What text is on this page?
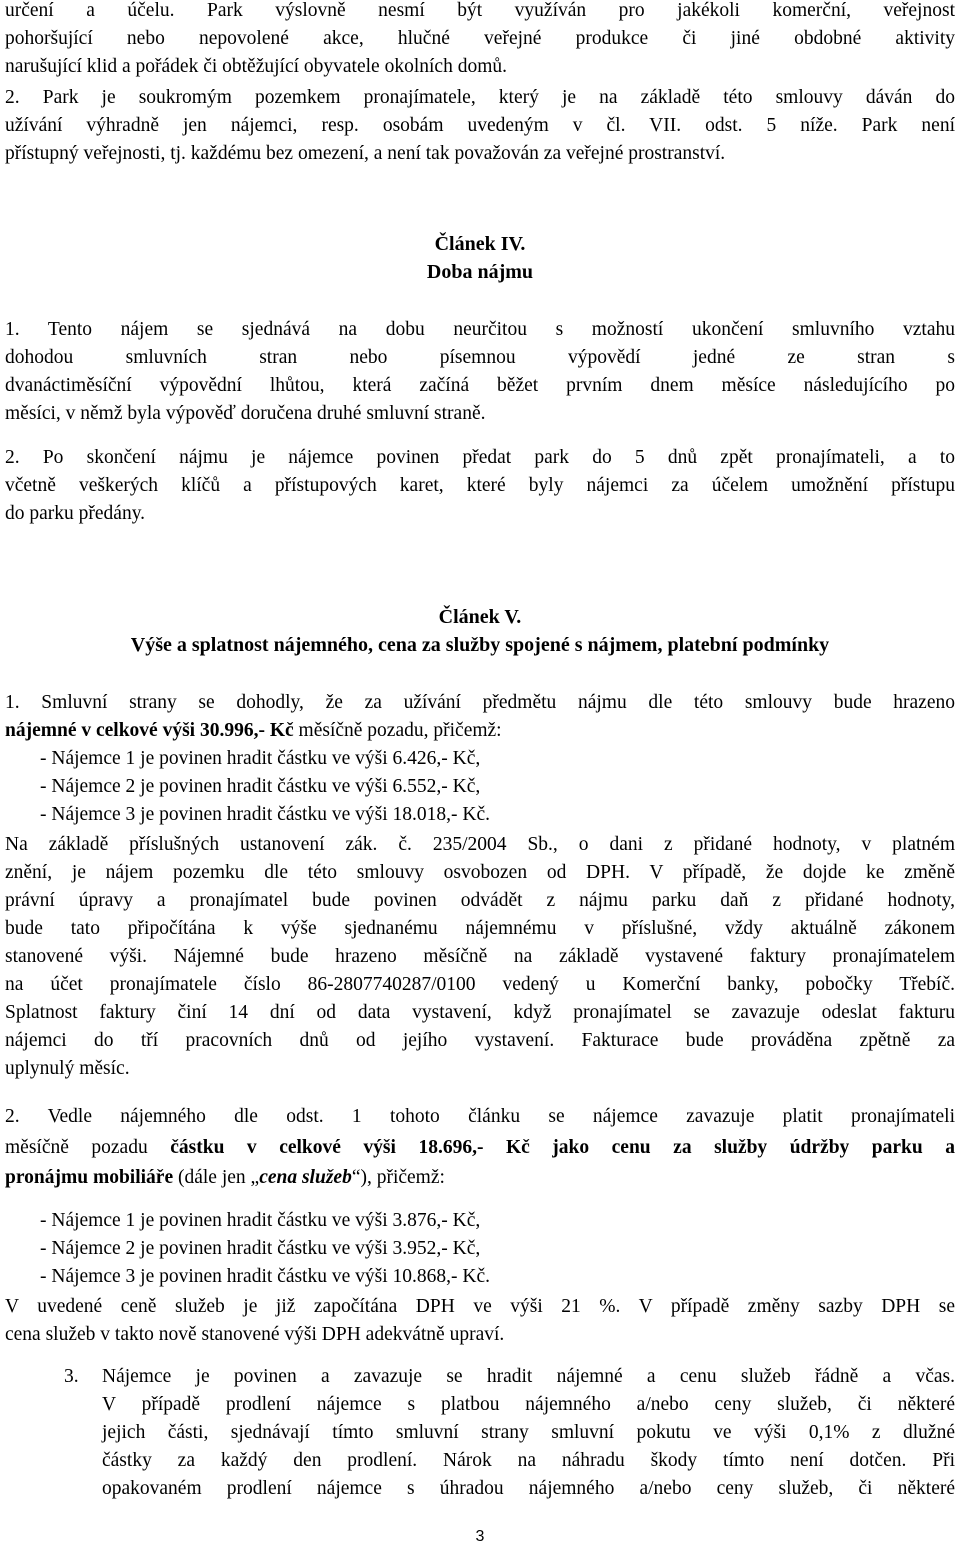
určení a účelu. Park výslovně nesmí být využíván pro jakékoli komerční, veřejnost
pohoršující nebo nepovolené akce, hlučné veřejné produkce či jiné obdobné aktivity
narušující klid a pořádek či obtěžující obyvatele okolních domů.
2. Park je soukromým pozemkem pronajímatele, který je na základě této smlouvy dáván do
užívání výhradně jen nájemci, resp. osobám uvedeným v čl. VII. odst. 5 níže. Park není
přístupný veřejnosti, tj. každému bez omezení, a není tak považován za veřejné prostranství.
Článek IV.
Doba nájmu
1. Tento nájem se sjednává na dobu neurčitou s možností ukončení smluvního vztahu
dohodou smluvních stran nebo písemnou výpovědí jedné ze stran s
dvanáctiměsíční výpovědní lhůtou, která začíná běžet prvním dnem měsíce následujícího po
měsíci, v němž byla výpověď doručena druhé smluvní straně.
2. Po skončení nájmu je nájemce povinen předat park do 5 dnů zpět pronajímateli, a to
včetně veškerých klíčů a přístupových karet, které byly nájemci za účelem umožnění přístupu
do parku předány.
Článek V.
Výše a splatnost nájemného, cena za služby spojené s nájmem, platební podmínky
1. Smluvní strany se dohodly, že za užívání předmětu nájmu dle této smlouvy bude hrazeno
nájemné v celkové výši 30.996,- Kč měsíčně pozadu, přičemž:
- Nájemce 1 je povinen hradit částku ve výši 6.426,- Kč,
- Nájemce 2 je povinen hradit částku ve výši 6.552,- Kč,
- Nájemce 3 je povinen hradit částku ve výši 18.018,- Kč.
Na základě příslušných ustanovení zák. č. 235/2004 Sb., o dani z přidané hodnoty, v platném
znění, je nájem pozemku dle této smlouvy osvobozen od DPH. V případě, že dojde ke změně
právní úpravy a pronajímatel bude povinen odvádět z nájmu parku daň z přidané hodnoty,
bude tato připočítána k výše sjednanému nájemnému v příslušné, vždy aktuálně zákonem
stanovené výši. Nájemné bude hrazeno měsíčně na základě vystavené faktury pronajímatelem
na účet pronajímatele číslo 86-2807740287/0100 vedený u Komerční banky, pobočky Třebíč.
Splatnost faktury činí 14 dní od data vystavení, když pronajímatel se zavazuje odeslat fakturu
nájemci do tří pracovních dnů od jejího vystavení. Fakturace bude prováděna zpětně za
uplynulý měsíc.
2. Vedle nájemného dle odst. 1 tohoto článku se nájemce zavazuje platit pronajímateli
měsíčně pozadu částku v celkové výši 18.696,- Kč jako cenu za služby údržby parku a
pronájmu mobiliáře (dále jen „cena služeb“), přičemž:
- Nájemce 1 je povinen hradit částku ve výši 3.876,- Kč,
- Nájemce 2 je povinen hradit částku ve výši 3.952,- Kč,
- Nájemce 3 je povinen hradit částku ve výši 10.868,- Kč.
V uvedené ceně služeb je již započítána DPH ve výši 21 %. V případě změny sazby DPH se
cena služeb v takto nově stanovené výši DPH adekvátně upraví.
3. Nájemce je povinen a zavazuje se hradit nájemné a cenu služeb řádně a včas.
V případě prodlení nájemce s platbou nájemného a/nebo ceny služeb, či některé
jejich části, sjednávají tímto smluvní strany smluvní pokutu ve výši 0,1% z dlužné
částky za každý den prodlení. Nárok na náhradu škody tímto není dotčen. Při
opakovaném prodlení nájemce s úhradou nájemného a/nebo ceny služeb, či některé
3
